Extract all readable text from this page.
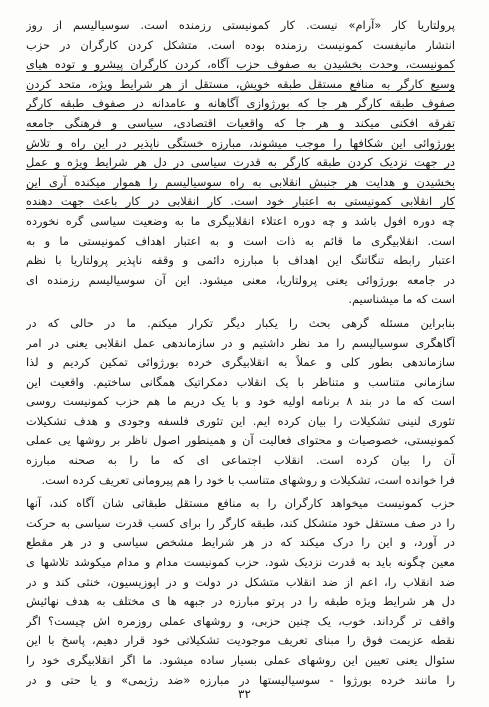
پرولتاریا کار «آرام» نیست. کار کمونیستی رزمنده است. سوسیالیسم از روز
انتشار مانیفست کمونیست رزمنده بوده است. متشکل کردن کارگران در حزب
کمونیست، وحدت بخشیدن به صفوف حزب آگاه، کردن کارگران پیشرو و توده هیای
وسیع کارگر به منافع مستقل طبقه خویش، مستقل از هر شرایط ویژه، متحد کردن
صفوف طبقه کارگر هر جا که بورژوازی آگاهانه و عامدانه در صفوف طبقه کارگر
تفرقه افکنی میکند و هر جا که واقعیات اقتصادی، سیاسی و فرهنگی جامعه
بورژوائی این شکافها را موجب میشوند، مبارزه خستگی ناپذیر در این راه و تلاش
در جهت نزدیک کردن طبقه کارگر به قدرت سیاسی در دل هر شرایط ویژه و عمل
بخشیدن و هدایت هر جنبش انقلابی به راه سوسیالیسم را هموار میکنده آری این
کار انقلابی کمونیستی به اعتبار خود است. کار انقلابی در کار باعث جهت دهنده
چه دوره افول باشد و چه دوره اعتلاء انقلابیگری ما به وضعیت سیاسی گره نخورده
است. انقلابیگری ما قائم به ذات است و به اعتبار اهداف کمونیستی ما و به
اعتبار رابطه تنگاتنگ این اهداف با مبارزه دائمی و وقفه ناپذیر پرولتاریا با نظم
در جامعه بورژوائی یعنی پرولتاریا، معنی میشود. این آن سوسیالیسم رزمنده ای
است که ما میشناسیم.
بنابراین مسئله گرهی بحث را یکبار دیگر تکرار میکنم. ما در حالی که در
آگاهگری سوسیالیسم را مد نظر داشتیم و در سازماندهی عمل انقلابی یعنی در امر
سازماندهی بطور کلی و عملاً به انقلابیگری خرده بورژوائی تمکین کردیم و لذا
سازمانی متناسب و متناظر با یک انقلاب دمکراتیک همگانی ساختیم. واقعیت این
است که ما در بند ٨ برنامه اولیه خود و با یک دریم ما هم حزب کمونیست روسی
تئوری لنینی تشکیلات را بیان کرده ایم. این تئوری فلسفه وجودی و هدف تشکیلات
کمونیستی، خصوصیات و محتوای فعالیت آن و همینطور اصول ناظر بر روشها یی عملی
آن را بیان کرده است. انقلاب اجتماعی ای که ما را به صحنه مبارزه
فرا خوانده است، تشکیلات و روشهای متناسب با خود را هم پیرومانی تعریف کرده است.
حزب کمونیست میخواهد کارگران را به منافع مستقل طبقاتی شان آگاه کند، آنها
را در صف مستقل خود متشکل کند، طبقه کارگر را برای کسب قدرت سیاسی به حرکت
در آورد، و این را درک میکند که در هر شرایط مشخص سیاسی و در هر مقطع
معین چگونه باید به قدرت نزدیک شود. حزب کمونیست مدام و مدام میکوشد تلاشها ی
ضد انقلاب را، اعم از ضد انقلاب متشکل در دولت و در اپوزیسیون، خنثی کند و در
دل هر شرایط ویژه طبقه را در پرتو مبارزه در جبهه ها ی مختلف به هدف نهائیش
واقف تر گرداند. خوب، یک چنین حزبی، و روشهای عملی روزمره اش چیست؟ اگر
نقطه عزیمت فوق را مبنای تعریف موجودیت تشکیلاتی خود قرار دهیم، پاسخ با این
سئوال یعنی تعیین این روشهای عملی بسیار ساده میشود. ما اگر انقلابیگری خود را
را مانند خرده بورژوا - سوسیالیستها در مبارزه «ضد رژیمی» و یا حتی و در
٣٢
